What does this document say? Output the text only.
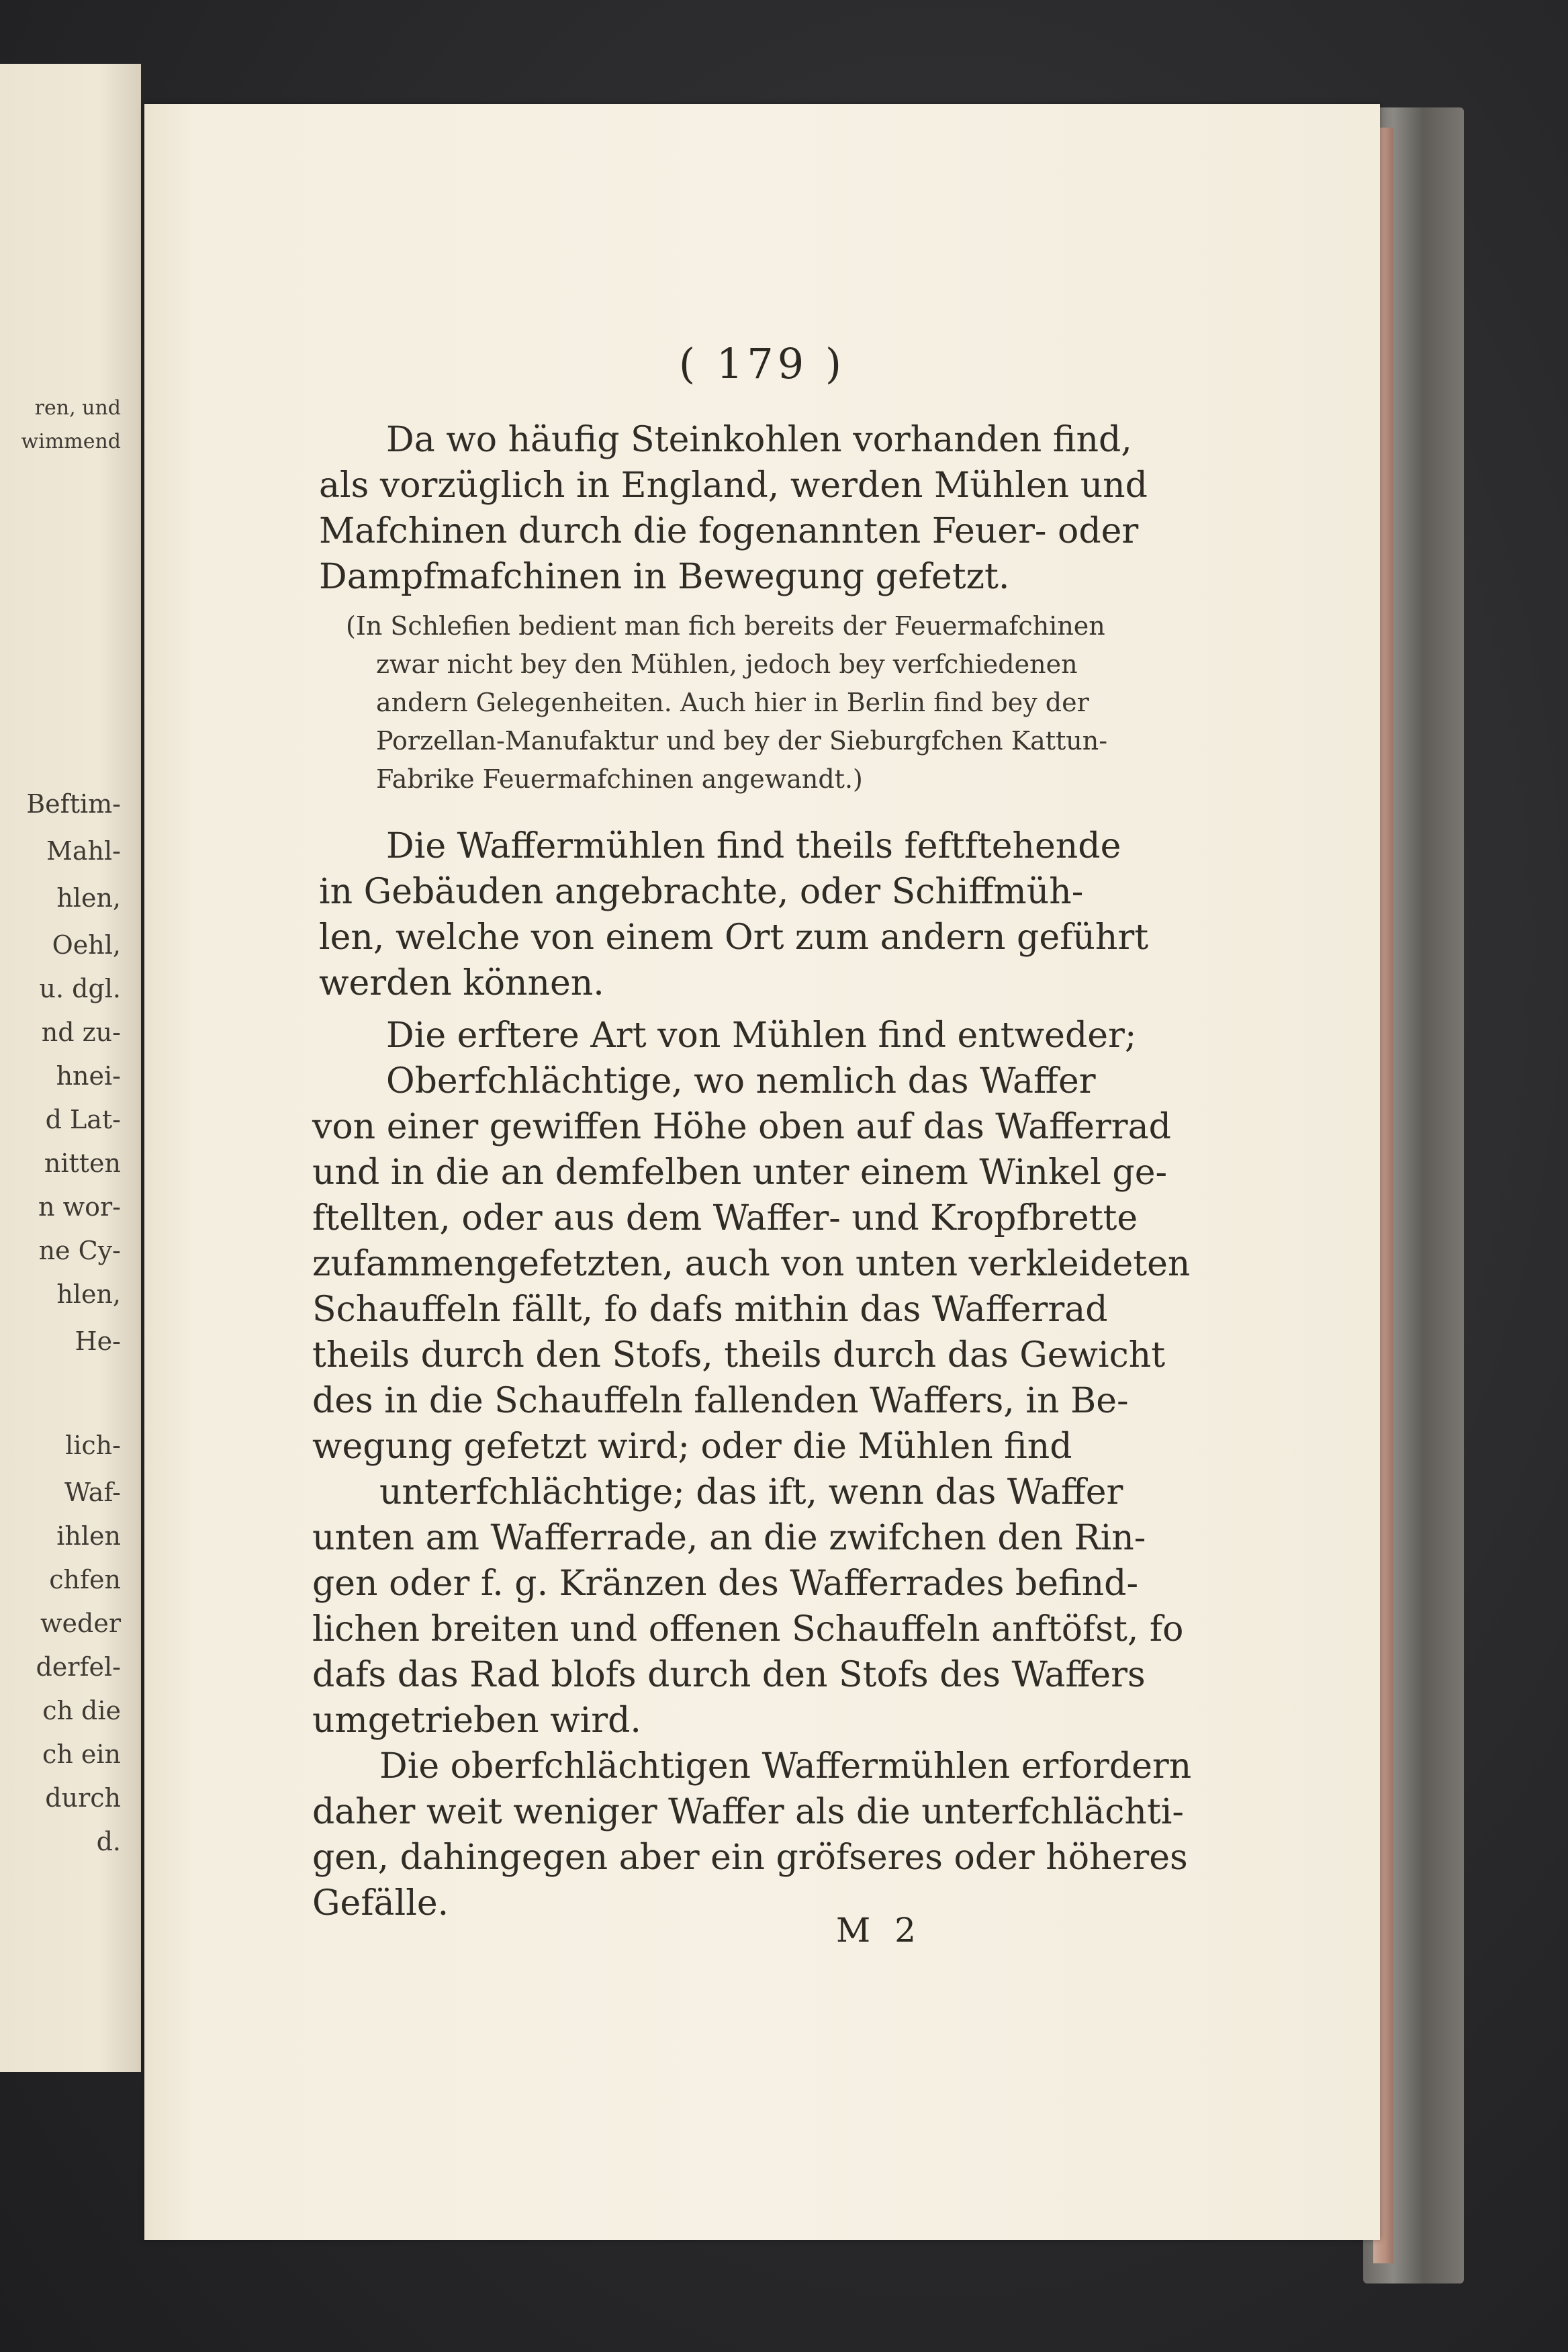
ren, und
wimmend
Beftim-
Mahl-
hlen,
Oehl,
u. dgl.
nd zu-
hnei-
d Lat-
nitten
n wor-
ne Cy-
hlen,
He-
lich-
Waf-
ihlen
chfen
weder
derfel-
ch die
ch ein
durch
d.
( 179 )
Da wo häufig Steinkohlen vorhanden find,
als vorzüglich in England, werden Mühlen und
Mafchinen durch die fogenannten Feuer- oder
Dampfmafchinen in Bewegung gefetzt.
(In Schlefien bedient man fich bereits der Feuermafchinen
zwar nicht bey den Mühlen, jedoch bey verfchiedenen
andern Gelegenheiten. Auch hier in Berlin find bey der
Porzellan-Manufaktur und bey der Sieburgfchen Kattun-
Fabrike Feuermafchinen angewandt.)
Die Waffermühlen find theils feftftehende
in Gebäuden angebrachte, oder Schiffmüh-
len, welche von einem Ort zum andern geführt
werden können.
Die erftere Art von Mühlen find entweder;
Oberfchlächtige, wo nemlich das Waffer
von einer gewiffen Höhe oben auf das Wafferrad
und in die an demfelben unter einem Winkel ge-
ftellten, oder aus dem Waffer- und Kropfbrette
zufammengefetzten, auch von unten verkleideten
Schauffeln fällt, fo dafs mithin das Wafferrad
theils durch den Stofs, theils durch das Gewicht
des in die Schauffeln fallenden Waffers, in Be-
wegung gefetzt wird; oder die Mühlen find
unterfchlächtige; das ift, wenn das Waffer
unten am Wafferrade, an die zwifchen den Rin-
gen oder f. g. Kränzen des Wafferrades befind-
lichen breiten und offenen Schauffeln anftöfst, fo
dafs das Rad blofs durch den Stofs des Waffers
umgetrieben wird.
Die oberfchlächtigen Waffermühlen erfordern
daher weit weniger Waffer als die unterfchlächti-
gen, dahingegen aber ein gröfseres oder höheres
Gefälle.
M 2
